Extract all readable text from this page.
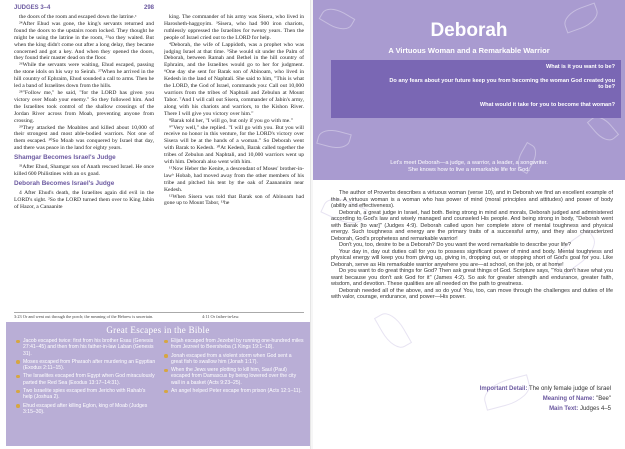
JUDGES 3–4	298

the doors of the room and escaped down the latrine.ᵃ

²⁴After Ehud was gone, the king's servants returned and found the doors to the upstairs room locked. They thought he might be using the latrine in the room, ²⁵so they waited. But when the king didn't come out after a long delay, they became concerned and got a key. And when they opened the doors, they found their master dead on the floor.

²⁶While the servants were waiting, Ehud escaped, passing the stone idols on his way to Seirah. ²⁷When he arrived in the hill country of Ephraim, Ehud sounded a call to arms. Then he led a band of Israelites down from the hills.

²⁸"Follow me," he said, "for the LORD has given you victory over Moab your enemy." So they followed him. And the Israelites took control of the shallow crossings of the Jordan River across from Moab, preventing anyone from crossing.

²⁹They attacked the Moabites and killed about 10,000 of their strongest and most able-bodied warriors. Not one of them escaped. ³⁰So Moab was conquered by Israel that day, and there was peace in the land for eighty years.

Shamgar Becomes Israel's Judge

³¹After Ehud, Shamgar son of Anath rescued Israel. He once killed 600 Philistines with an ox goad.

Deborah Becomes Israel's Judge

4 After Ehud's death, the Israelites again did evil in the LORD's sight. ²So the LORD turned them over to King Jabin of Hazor, a Canaanite

king. The commander of his army was Sisera, who lived in Harosheth-haggoyim. ³Sisera, who had 900 iron chariots, ruthlessly oppressed the Israelites for twenty years. Then the people of Israel cried out to the LORD for help.

⁴Deborah, the wife of Lappidoth, was a prophet who was judging Israel at that time. ⁵She would sit under the Palm of Deborah, between Ramah and Bethel in the hill country of Ephraim, and the Israelites would go to her for judgment. ⁶One day she sent for Barak son of Abinoam, who lived in Kedesh in the land of Naphtali. She said to him, "This is what the LORD, the God of Israel, commands you: Call out 10,000 warriors from the tribes of Naphtali and Zebulun at Mount Tabor. ⁷And I will call out Sisera, commander of Jabin's army, along with his chariots and warriors, to the Kishon River. There I will give you victory over him."

⁸Barak told her, "I will go, but only if you go with me."

⁹"Very well," she replied. "I will go with you. But you will receive no honor in this venture, for the LORD's victory over Sisera will be at the hands of a woman." So Deborah went with Barak to Kedesh. ¹⁰At Kedesh, Barak called together the tribes of Zebulun and Naphtali, and 10,000 warriors went up with him. Deborah also went with him.

¹¹Now Heber the Kenite, a descendant of Moses' brother-in-lawᵇ Hobab, had moved away from the other members of his tribe and pitched his tent by the oak of Zaanannim near Kedesh.

¹²When Sisera was told that Barak son of Abinoam had gone up to Mount Tabor, ¹³he

3:23 Or and went out through the porch; the meaning of the Hebrew is uncertain.	4:11 Or father-in-law.
Great Escapes in the Bible
Jacob escaped twice: first from his brother Esau (Genesis 27:41–45) and then from his father-in-law Laban (Genesis 31).
Moses escaped from Pharaoh after murdering an Egyptian (Exodus 2:11–15).
The Israelites escaped from Egypt when God miraculously parted the Red Sea (Exodus 13:17–14:31).
Two Israelite spies escaped from Jericho with Rahab's help (Joshua 2).
Ehud escaped after killing Eglon, king of Moab (Judges 3:15–30).
Elijah escaped from Jezebel by running one-hundred miles from Jezreel to Beersheba (1 Kings 19:1–18).
Jonah escaped from a violent storm when God sent a great fish to swallow him (Jonah 1:17).
When the Jews were plotting to kill him, Saul (Paul) escaped from Damascus by being lowered over the city wall in a basket (Acts 9:23–25).
An angel helped Peter escape from prison (Acts 12:1–11).
Deborah
A Virtuous Woman and a Remarkable Warrior
What is it you want to be?
Do any fears about your future keep you from becoming the woman God created you to be?
What would it take for you to become that woman?
Let's meet Deborah—a judge, a warrior, a leader, a songwriter.
She knows how to live a remarkable life for God.

The author of Proverbs describes a virtuous woman (verse 10), and in Deborah we find an excellent example of this. A virtuous woman is a woman who has power of mind (moral principles and attitudes) and power of body (ability and effectiveness).

Deborah, a great judge in Israel, had both. Being strong in mind and morals, Deborah judged and administered according to God's law and wisely managed and counseled His people. And being strong in body, "Deborah went with Barak [to war]" (Judges 4:9). Deborah called upon her complete store of mental toughness and physical energy. Such toughness and energy are the primary traits of a successful army, and they also characterized Deborah, God's prophetess and remarkable warrior!

Don't you, too, desire to be a Deborah? Do you want the word remarkable to describe your life?

Your day in, day out duties call for you to possess significant power of mind and body. Mental toughness and physical energy will keep you from giving up, giving in, dropping out, or stopping short of God's goal for you. Like Deborah, serve as His remarkable warrior anywhere you are—at school, on the job, or at home!

Do you want to do great things for God? Then ask great things of God. Scripture says, "You don't have what you want because you don't ask God for it" (James 4:2). So ask for greater strength and endurance, greater faith, wisdom, and devotion. These qualities are all needed on the path to greatness.

Deborah needed all of the above, and so do you! You, too, can move through the challenges and duties of life with valor, courage, endurance, and power—His power.

Important Detail: The only female judge of Israel
Meaning of Name: "Bee"
Main Text: Judges 4–5
